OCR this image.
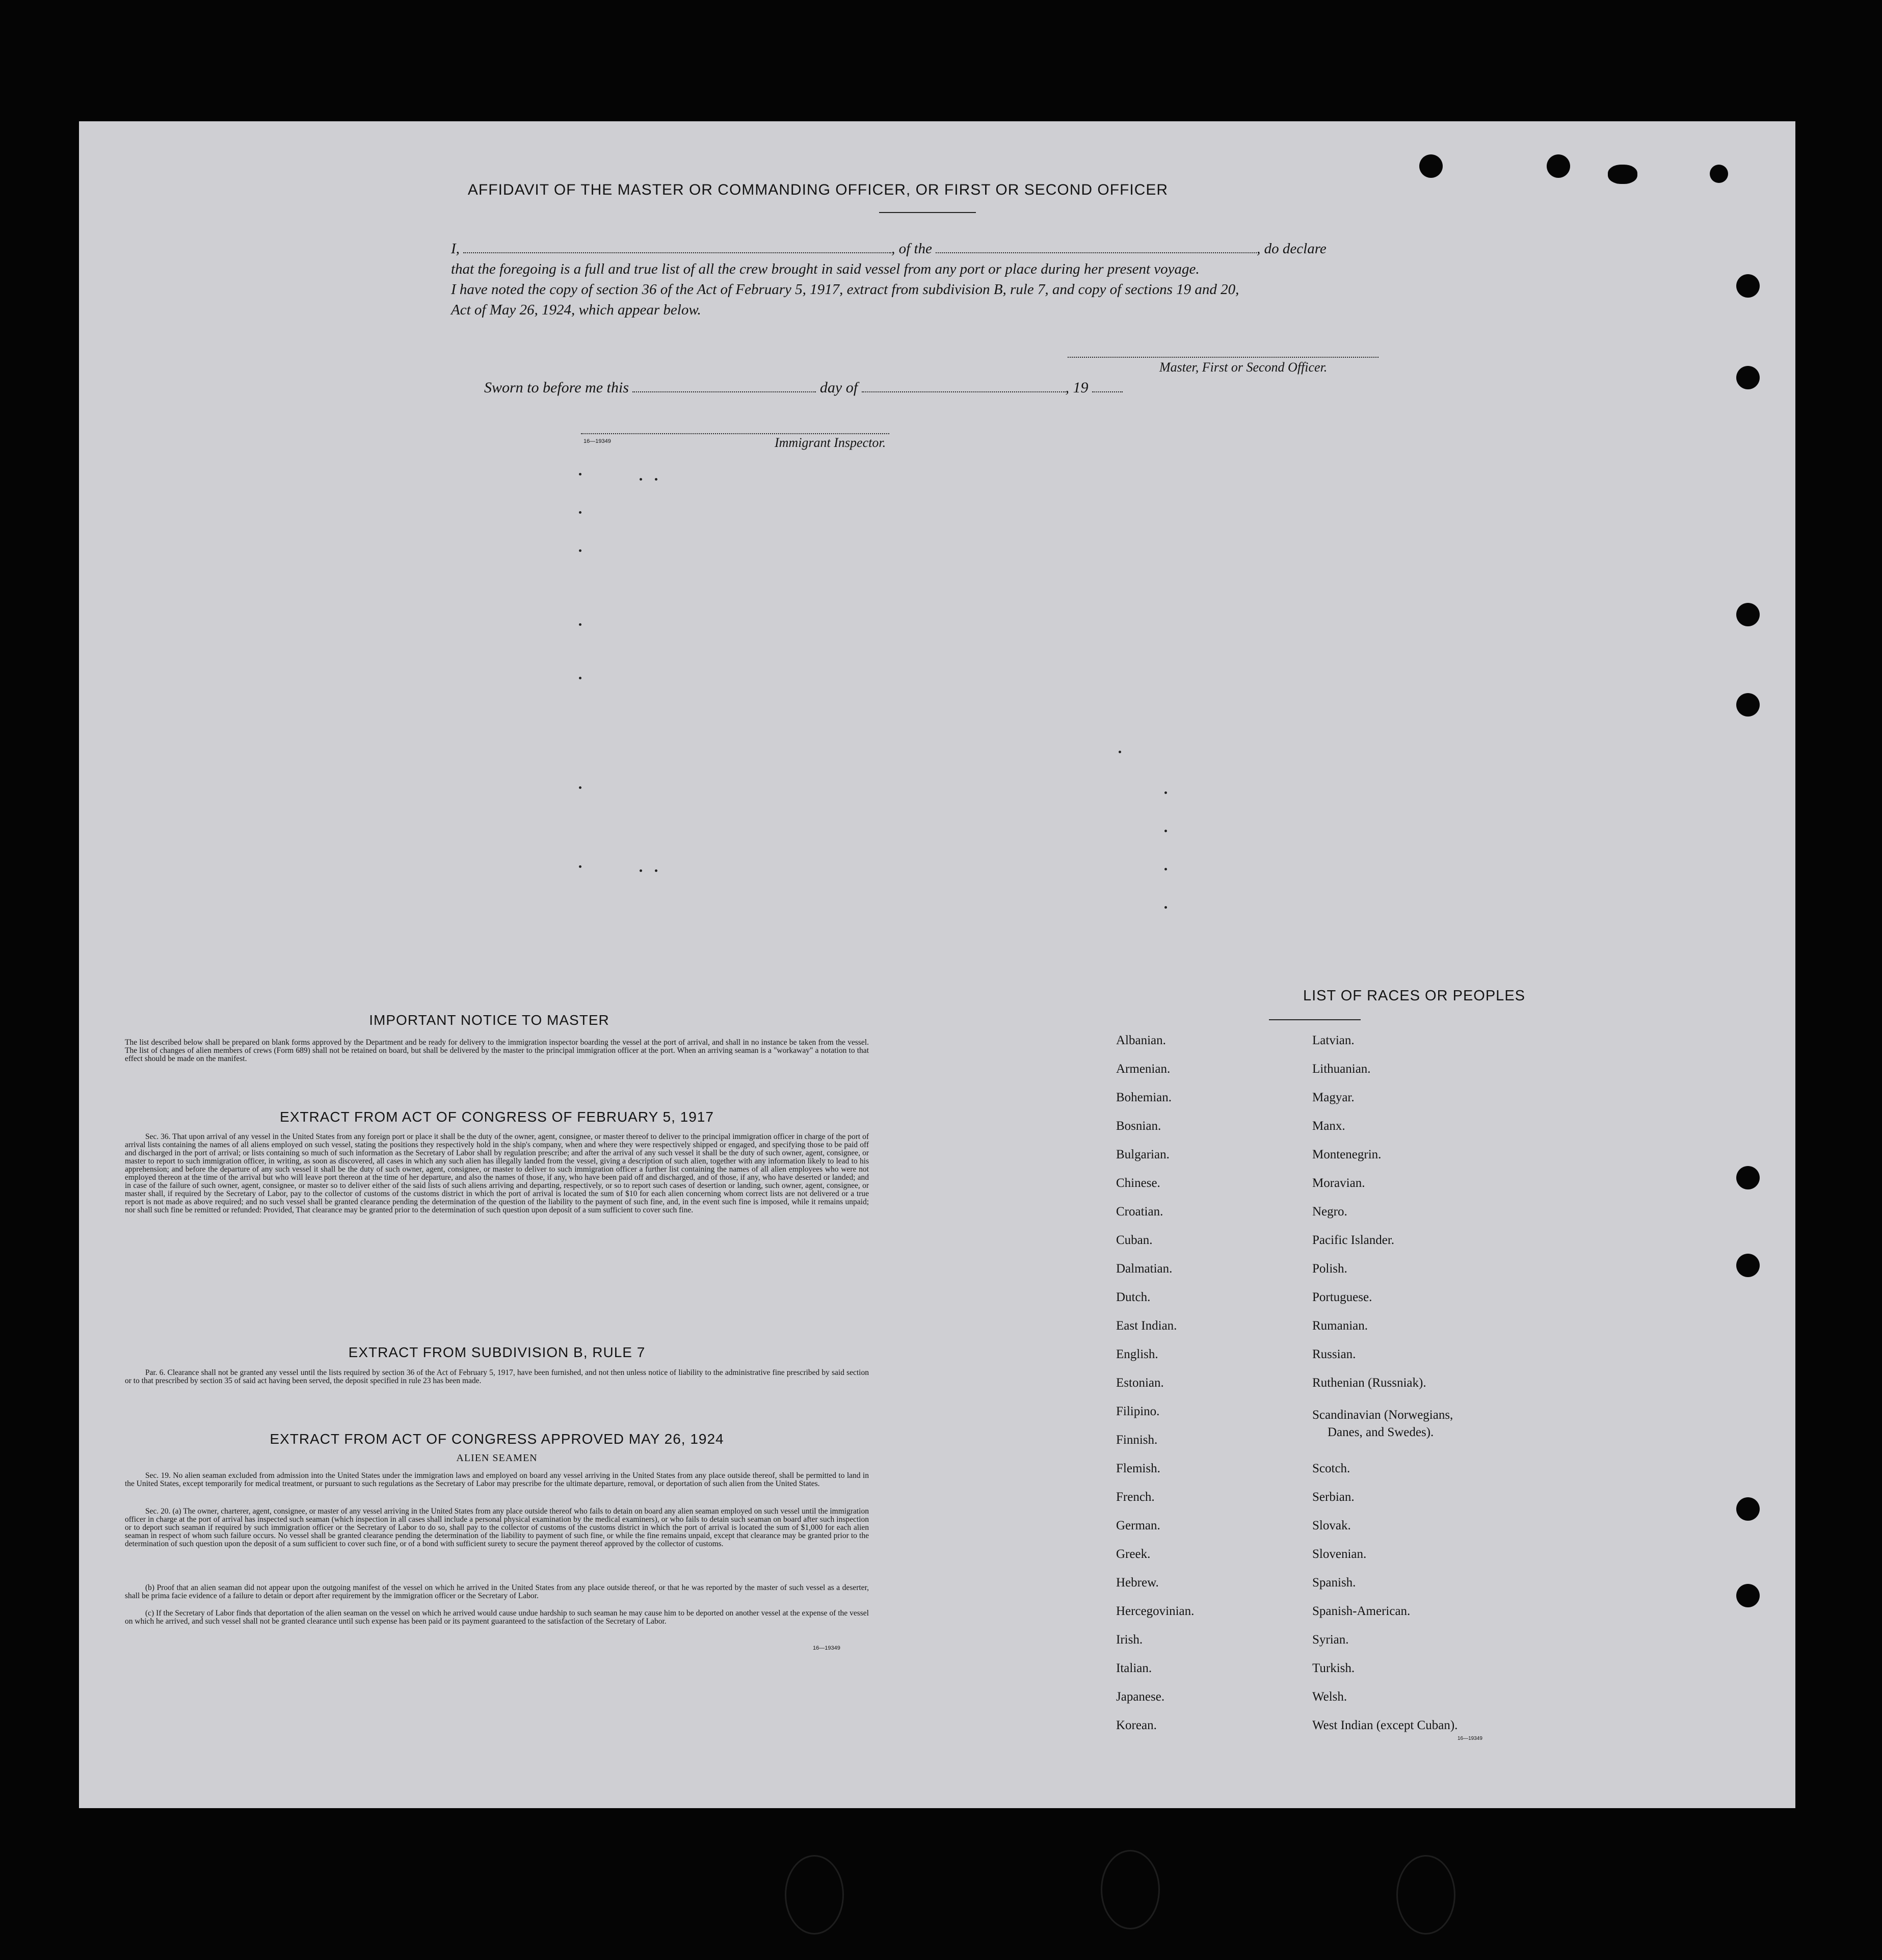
AFFIDAVIT OF THE MASTER OR COMMANDING OFFICER, OR FIRST OR SECOND OFFICER
I,	, of the	, do declare
that the foregoing is a full and true list of all the crew brought in said vessel from any port or place during her present voyage.
I have noted the copy of section 36 of the Act of February 5, 1917, extract from subdivision B, rule 7, and copy of sections 19 and 20,
Act of May 26, 1924, which appear below.
Master, First or Second Officer.
Sworn to before me this	day of	, 19
16—19349	Immigrant Inspector.
IMPORTANT NOTICE TO MASTER
The list described below shall be prepared on blank forms approved by the Department and be ready for delivery to the immigration inspector boarding the vessel at the port of arrival, and shall in no instance be taken from the vessel. The list of changes of alien members of crews (Form 689) shall not be retained on board, but shall be delivered by the master to the principal immigration officer at the port. When an arriving seaman is a "workaway" a notation to that effect should be made on the manifest.
EXTRACT FROM ACT OF CONGRESS OF FEBRUARY 5, 1917
Sec. 36. That upon arrival of any vessel in the United States from any foreign port or place it shall be the duty of the owner, agent, consignee, or master thereof to deliver to the principal immigration officer in charge of the port of arrival lists containing the names of all aliens employed on such vessel, stating the positions they respectively hold in the ship's company, when and where they were respectively shipped or engaged, and specifying those to be paid off and discharged in the port of arrival; or lists containing so much of such information as the Secretary of Labor shall by regulation prescribe; and after the arrival of any such vessel it shall be the duty of such owner, agent, consignee, or master to report to such immigration officer, in writing, as soon as discovered, all cases in which any such alien has illegally landed from the vessel, giving a description of such alien, together with any information likely to lead to his apprehension; and before the departure of any such vessel it shall be the duty of such owner, agent, consignee, or master to deliver to such immigration officer a further list containing the names of all alien employees who were not employed thereon at the time of the arrival but who will leave port thereon at the time of her departure, and also the names of those, if any, who have been paid off and discharged, and of those, if any, who have deserted or landed; and in case of the failure of such owner, agent, consignee, or master so to deliver either of the said lists of such aliens arriving and departing, respectively, or so to report such cases of desertion or landing, such owner, agent, consignee, or master shall, if required by the Secretary of Labor, pay to the collector of customs of the customs district in which the port of arrival is located the sum of $10 for each alien concerning whom correct lists are not delivered or a true report is not made as above required; and no such vessel shall be granted clearance pending the determination of the question of the liability to the payment of such fine, and, in the event such fine is imposed, while it remains unpaid; nor shall such fine be remitted or refunded: Provided, That clearance may be granted prior to the determination of such question upon deposit of a sum sufficient to cover such fine.
EXTRACT FROM SUBDIVISION B, RULE 7
Par. 6. Clearance shall not be granted any vessel until the lists required by section 36 of the Act of February 5, 1917, have been furnished, and not then unless notice of liability to the administrative fine prescribed by said section or to that prescribed by section 35 of said act having been served, the deposit specified in rule 23 has been made.
EXTRACT FROM ACT OF CONGRESS APPROVED MAY 26, 1924
ALIEN SEAMEN
Sec. 19. No alien seaman excluded from admission into the United States under the immigration laws and employed on board any vessel arriving in the United States from any place outside thereof, shall be permitted to land in the United States, except temporarily for medical treatment, or pursuant to such regulations as the Secretary of Labor may prescribe for the ultimate departure, removal, or deportation of such alien from the United States.
Sec. 20. (a) The owner, charterer, agent, consignee, or master of any vessel arriving in the United States from any place outside thereof who fails to detain on board any alien seaman employed on such vessel until the immigration officer in charge at the port of arrival has inspected such seaman (which inspection in all cases shall include a personal physical examination by the medical examiners), or who fails to detain such seaman on board after such inspection or to deport such seaman if required by such immigration officer or the Secretary of Labor to do so, shall pay to the collector of customs of the customs district in which the port of arrival is located the sum of $1,000 for each alien seaman in respect of whom such failure occurs. No vessel shall be granted clearance pending the determination of the liability to payment of such fine, or while the fine remains unpaid, except that clearance may be granted prior to the determination of such question upon the deposit of a sum sufficient to cover such fine, or of a bond with sufficient surety to secure the payment thereof approved by the collector of customs.
(b) Proof that an alien seaman did not appear upon the outgoing manifest of the vessel on which he arrived in the United States from any place outside thereof, or that he was reported by the master of such vessel as a deserter, shall be prima facie evidence of a failure to detain or deport after requirement by the immigration officer or the Secretary of Labor.
(c) If the Secretary of Labor finds that deportation of the alien seaman on the vessel on which he arrived would cause undue hardship to such seaman he may cause him to be deported on another vessel at the expense of the vessel on which he arrived, and such vessel shall not be granted clearance until such expense has been paid or its payment guaranteed to the satisfaction of the Secretary of Labor.
16—19349
LIST OF RACES OR PEOPLES
Albanian.
Armenian.
Bohemian.
Bosnian.
Bulgarian.
Chinese.
Croatian.
Cuban.
Dalmatian.
Dutch.
East Indian.
English.
Estonian.
Filipino.
Finnish.
Flemish.
French.
German.
Greek.
Hebrew.
Hercegovinian.
Irish.
Italian.
Japanese.
Korean.
Latvian.
Lithuanian.
Magyar.
Manx.
Montenegrin.
Moravian.
Negro.
Pacific Islander.
Polish.
Portuguese.
Rumanian.
Russian.
Ruthenian (Russniak).
Scandinavian (Norwegians,
Danes, and Swedes).
Scotch.
Serbian.
Slovak.
Slovenian.
Spanish.
Spanish-American.
Syrian.
Turkish.
Welsh.
West Indian (except Cuban).
16—19349
